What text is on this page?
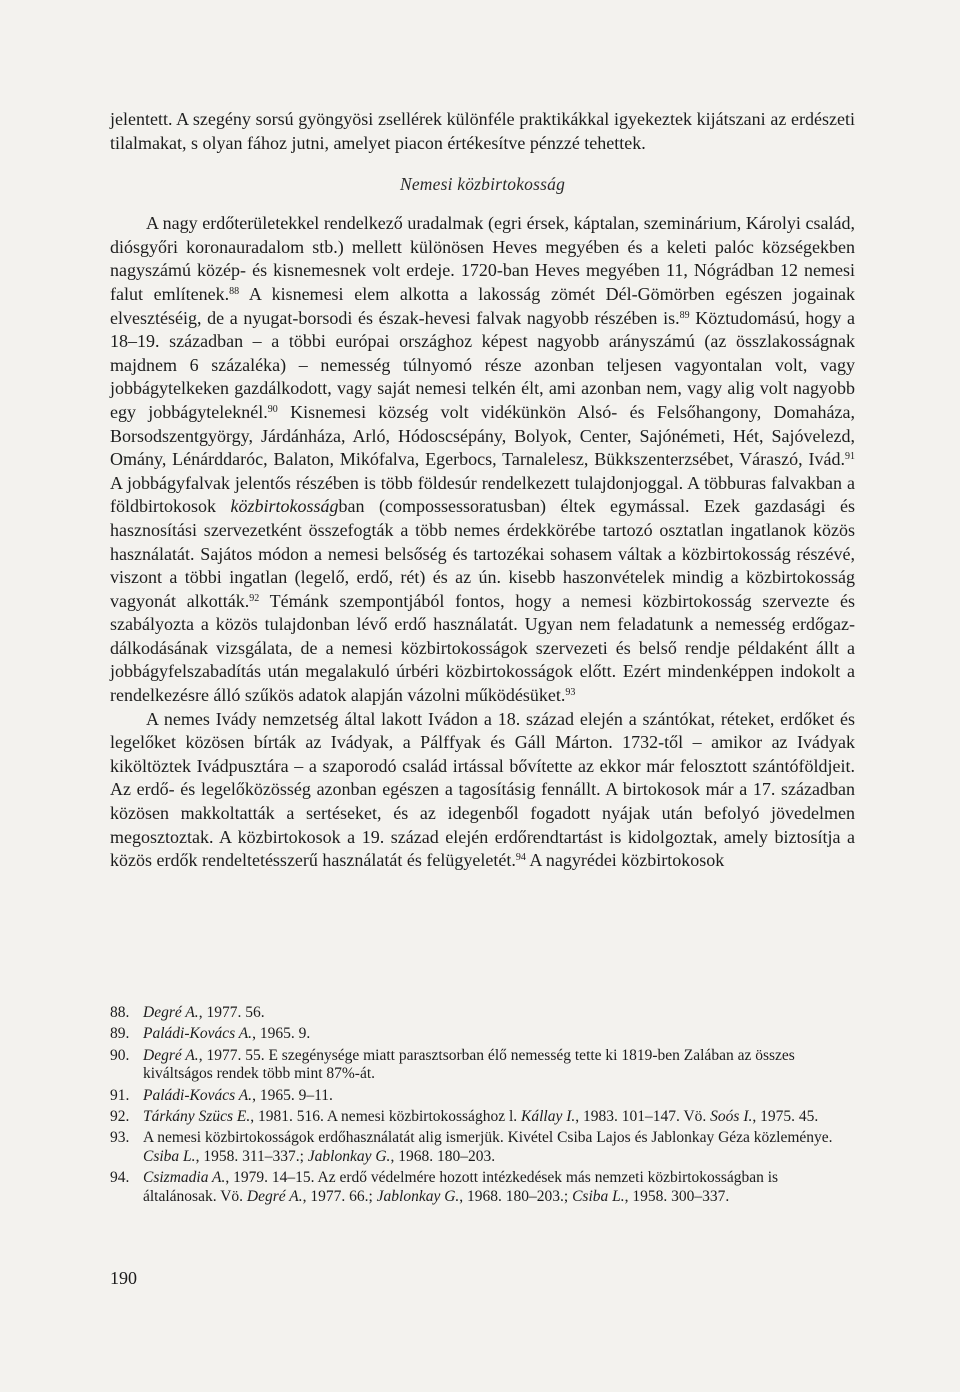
jelentett. A szegény sorsú gyöngyösi zsellérek különféle praktikákkal igyekeztek kijátszani az erdészeti tilalmakat, s olyan fához jutni, amelyet piacon értékesítve pénzzé tehettek.

Nemesi közbirtokosság

A nagy erdőterületekkel rendelkező uradalmak (egri érsek, káptalan, szeminárium, Károlyi család, diósgyőri koronauradalom stb.) mellett különösen Heves megyében és a keleti palóc községekben nagyszámú közép- és kisnemesnek volt erdeje. 1720-ban Heves megyében 11, Nógrádban 12 nemesi falut említenek.$^{88}$ A kisnemesi elem alkotta a lakosság zömét Dél-Gömörben egészen jogainak elvesztéséig, de a nyugat-borsodi és észak-hevesi falvak nagyobb részében is.$^{89}$ Köztudomású, hogy a 18–19. században – a többi európai országhoz képest nagyobb arányszámú (az összlakosságnak majdnem 6 százaléka) – nemesség túlnyomó része azonban teljesen vagyontalan volt, vagy jobbágytelkeken gazdálkodott, vagy saját nemesi telkén élt, ami azonban nem, vagy alig volt nagyobb egy jobbágyteleknél.$^{90}$ Kisnemesi község volt vidékünkön Alsó- és Felsőhangony, Domaháza, Borsodszentgyörgy, Járdánháza, Arló, Hódoscsépány, Bolyok, Center, Sajónémeti, Hét, Sajóvelezd, Omány, Lénárddaróc, Balaton, Mikófalva, Egerbocs, Tarnalelesz, Bükkszenterzsébet, Váraszó, Ivád.$^{91}$ A jobbágyfalvak jelentős részében is több földesúr rendelkezett tulajdonjoggal. A többuras falvakban a földbirtokosok közbirtokosságban (compossessoratusban) éltek egymással. Ezek gazdasági és hasznosítási szervezetként összefogták a több nemes érdekkörébe tartozó osztatlan ingatlanok közös használatát. Sajátos módon a nemesi belsőség és tartozékai sohasem váltak a közbirtokosság részévé, viszont a többi ingatlan (legelő, erdő, rét) és az ún. kisebb haszonvételek mindig a közbirtokosság vagyonát alkották.$^{92}$ Témánk szempontjából fontos, hogy a nemesi közbirtokosság szervezte és szabályozta a közös tulajdonban lévő erdő használatát. Ugyan nem feladatunk a nemesség erdőgazdálkodásának vizsgálata, de a nemesi közbirtokosságok szervezeti és belső rendje példaként állt a jobbágyfelszabadítás után megalakuló úrbéri közbirtokosságok előtt. Ezért mindenképpen indokolt a rendelkezésre álló szűkös adatok alapján vázolni működésüket.$^{93}$

A nemes Ivády nemzetség által lakott Ivádon a 18. század elején a szántókat, réteket, erdőket és legelőket közösen bírták az Ivádyak, a Pálffyak és Gáll Márton. 1732-től – amikor az Ivádyak kiköltöztek Ivádpusztára – a szaporodó család irtással bővítette az ekkor már felosztott szántóföldjeit. Az erdő- és legelőközösség azonban egészen a tagosításig fennállt. A birtokosok már a 17. században közösen makkoltatták a sertéseket, és az idegenből fogadott nyájak után befolyó jövedelmen megosztoztak. A közbirtokosok a 19. század elején erdőrendtartást is kidolgoztak, amely biztosítja a közös erdők rendeltetésszerű használatát és felügyeletét.$^{94}$ A nagyrédei közbirtokosok

88. Degré A., 1977. 56.

89. Paládi-Kovács A., 1965. 9.

90. Degré A., 1977. 55. E szegénysége miatt parasztsorban élő nemesség tette ki 1819-ben Zalában az összes kiváltságos rendek több mint 87%-át.

91. Paládi-Kovács A., 1965. 9–11.

92. Tárkány Szücs E., 1981. 516. A nemesi közbirtokossághoz l. Kállay I., 1983. 101–147. Vö. Soós I., 1975. 45.

93. A nemesi közbirtokosságok erdőhasználatát alig ismerjük. Kivétel Csiba Lajos és Jablonkay Géza közleménye. Csiba L., 1958. 311–337.; Jablonkay G., 1968. 180–203.

94. Csizmadia A., 1979. 14–15. Az erdő védelmére hozott intézkedések más nemzeti közbirtokosságban is általánosak. Vö. Degré A., 1977. 66.; Jablonkay G., 1968. 180–203.; Csiba L., 1958. 300–337.

190
